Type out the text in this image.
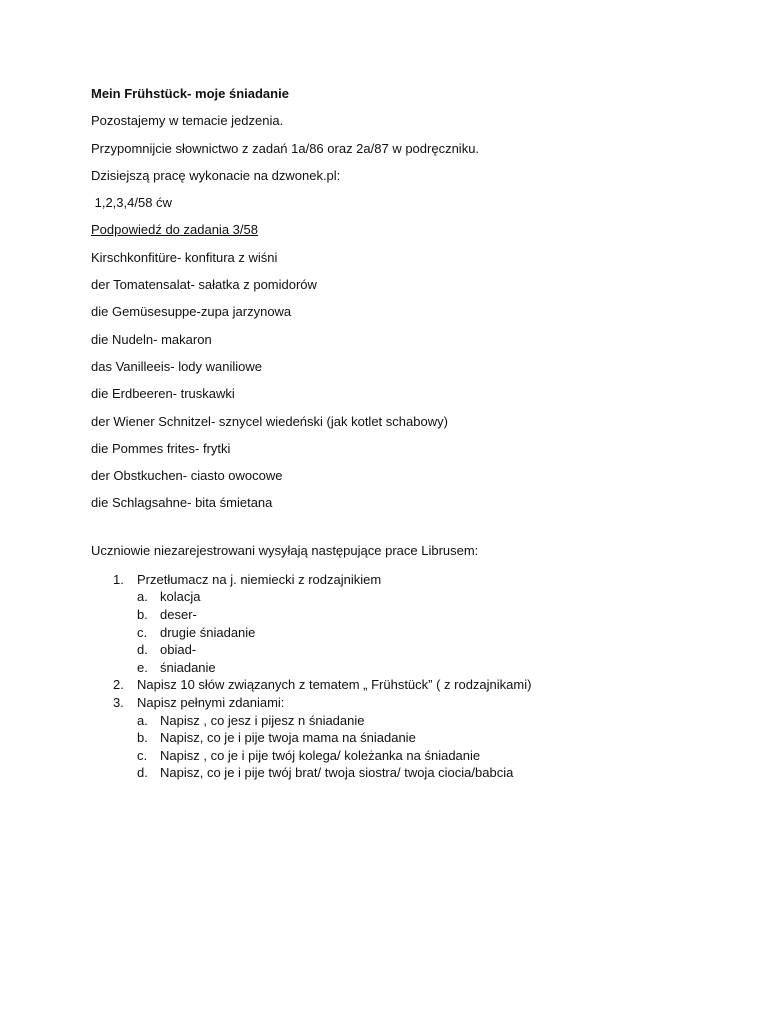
Mein Frühstück- moje śniadanie

Pozostajemy w temacie jedzenia.

Przypomnijcie słownictwo z zadań 1a/86 oraz 2a/87 w podręczniku.

Dzisiejszą pracę wykonacie na dzwonek.pl:

1,2,3,4/58 ćw

Podpowiedź do zadania 3/58

Kirschkonfitüre- konfitura z wiśni

der Tomatensalat- sałatka z pomidorów

die Gemüsesuppe-zupa jarzynowa

die Nudeln- makaron

das Vanilleeis- lody waniliowe

die Erdbeeren- truskawki

der Wiener Schnitzel- sznycel wiedeński (jak kotlet schabowy)

die Pommes frites- frytki

der Obstkuchen- ciasto owocowe

die Schlagsahne- bita śmietana

Uczniowie niezarejestrowani wysyłają następujące prace Librusem:

1. Przetłumacz na j. niemiecki z rodzajnikiem
a. kolacja
b. deser-
c. drugie śniadanie
d. obiad-
e. śniadanie
2. Napisz 10 słów związanych z tematem „ Frühstück” ( z rodzajnikami)
3. Napisz pełnymi zdaniami:
a. Napisz , co jesz i pijesz n śniadanie
b. Napisz, co je i pije twoja mama na śniadanie
c. Napisz , co je i pije twój kolega/ koleżanka na śniadanie
d. Napisz, co je i pije twój brat/ twoja siostra/ twoja ciocia/babcia
